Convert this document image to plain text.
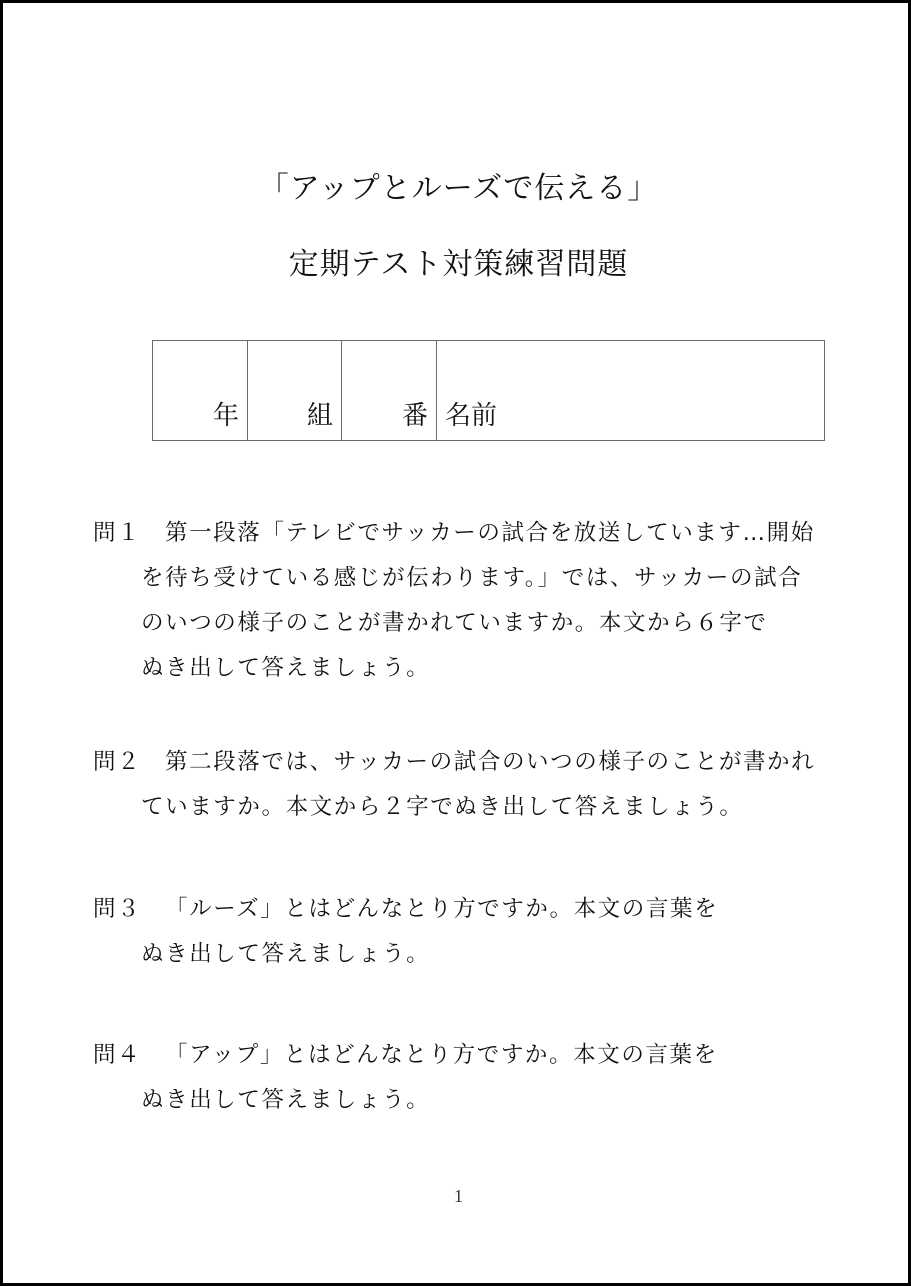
「アップとルーズで伝える」
定期テスト対策練習問題
年	組	番	名前
問１ 第一段落「テレビでサッカーの試合を放送しています…開始
を待ち受けている感じが伝わります。」では、サッカーの試合
のいつの様子のことが書かれていますか。本文から６字で
ぬき出して答えましょう。
問２ 第二段落では、サッカーの試合のいつの様子のことが書かれ
ていますか。本文から２字でぬき出して答えましょう。
問３ 「ルーズ」とはどんなとり方ですか。本文の言葉を
ぬき出して答えましょう。
問４ 「アップ」とはどんなとり方ですか。本文の言葉を
ぬき出して答えましょう。
1
